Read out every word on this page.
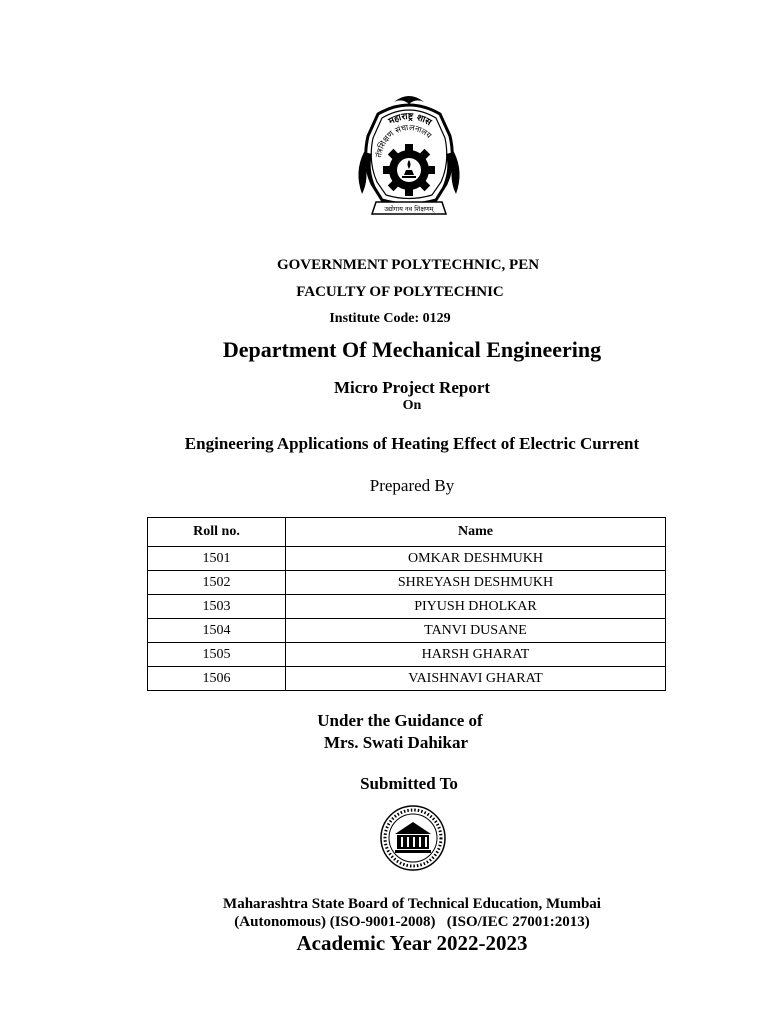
महाराष्ट्र शास
तंत्रशिक्षण संचालनालय
उद्योगाय नव शिक्षणम्
GOVERNMENT POLYTECHNIC, PEN
FACULTY OF POLYTECHNIC
Institute Code: 0129
Department Of Mechanical Engineering
Micro Project Report
On
Engineering Applications of Heating Effect of Electric Current
Prepared By
Roll no.	Name
1501	OMKAR DESHMUKH
1502	SHREYASH DESHMUKH
1503	PIYUSH DHOLKAR
1504	TANVI DUSANE
1505	HARSH GHARAT
1506	VAISHNAVI GHARAT
Under the Guidance of
Mrs. Swati Dahikar
Submitted To
Maharashtra State Board of Technical Education, Mumbai
(Autonomous) (ISO-9001-2008)   (ISO/IEC 27001:2013)
Academic Year 2022-2023
